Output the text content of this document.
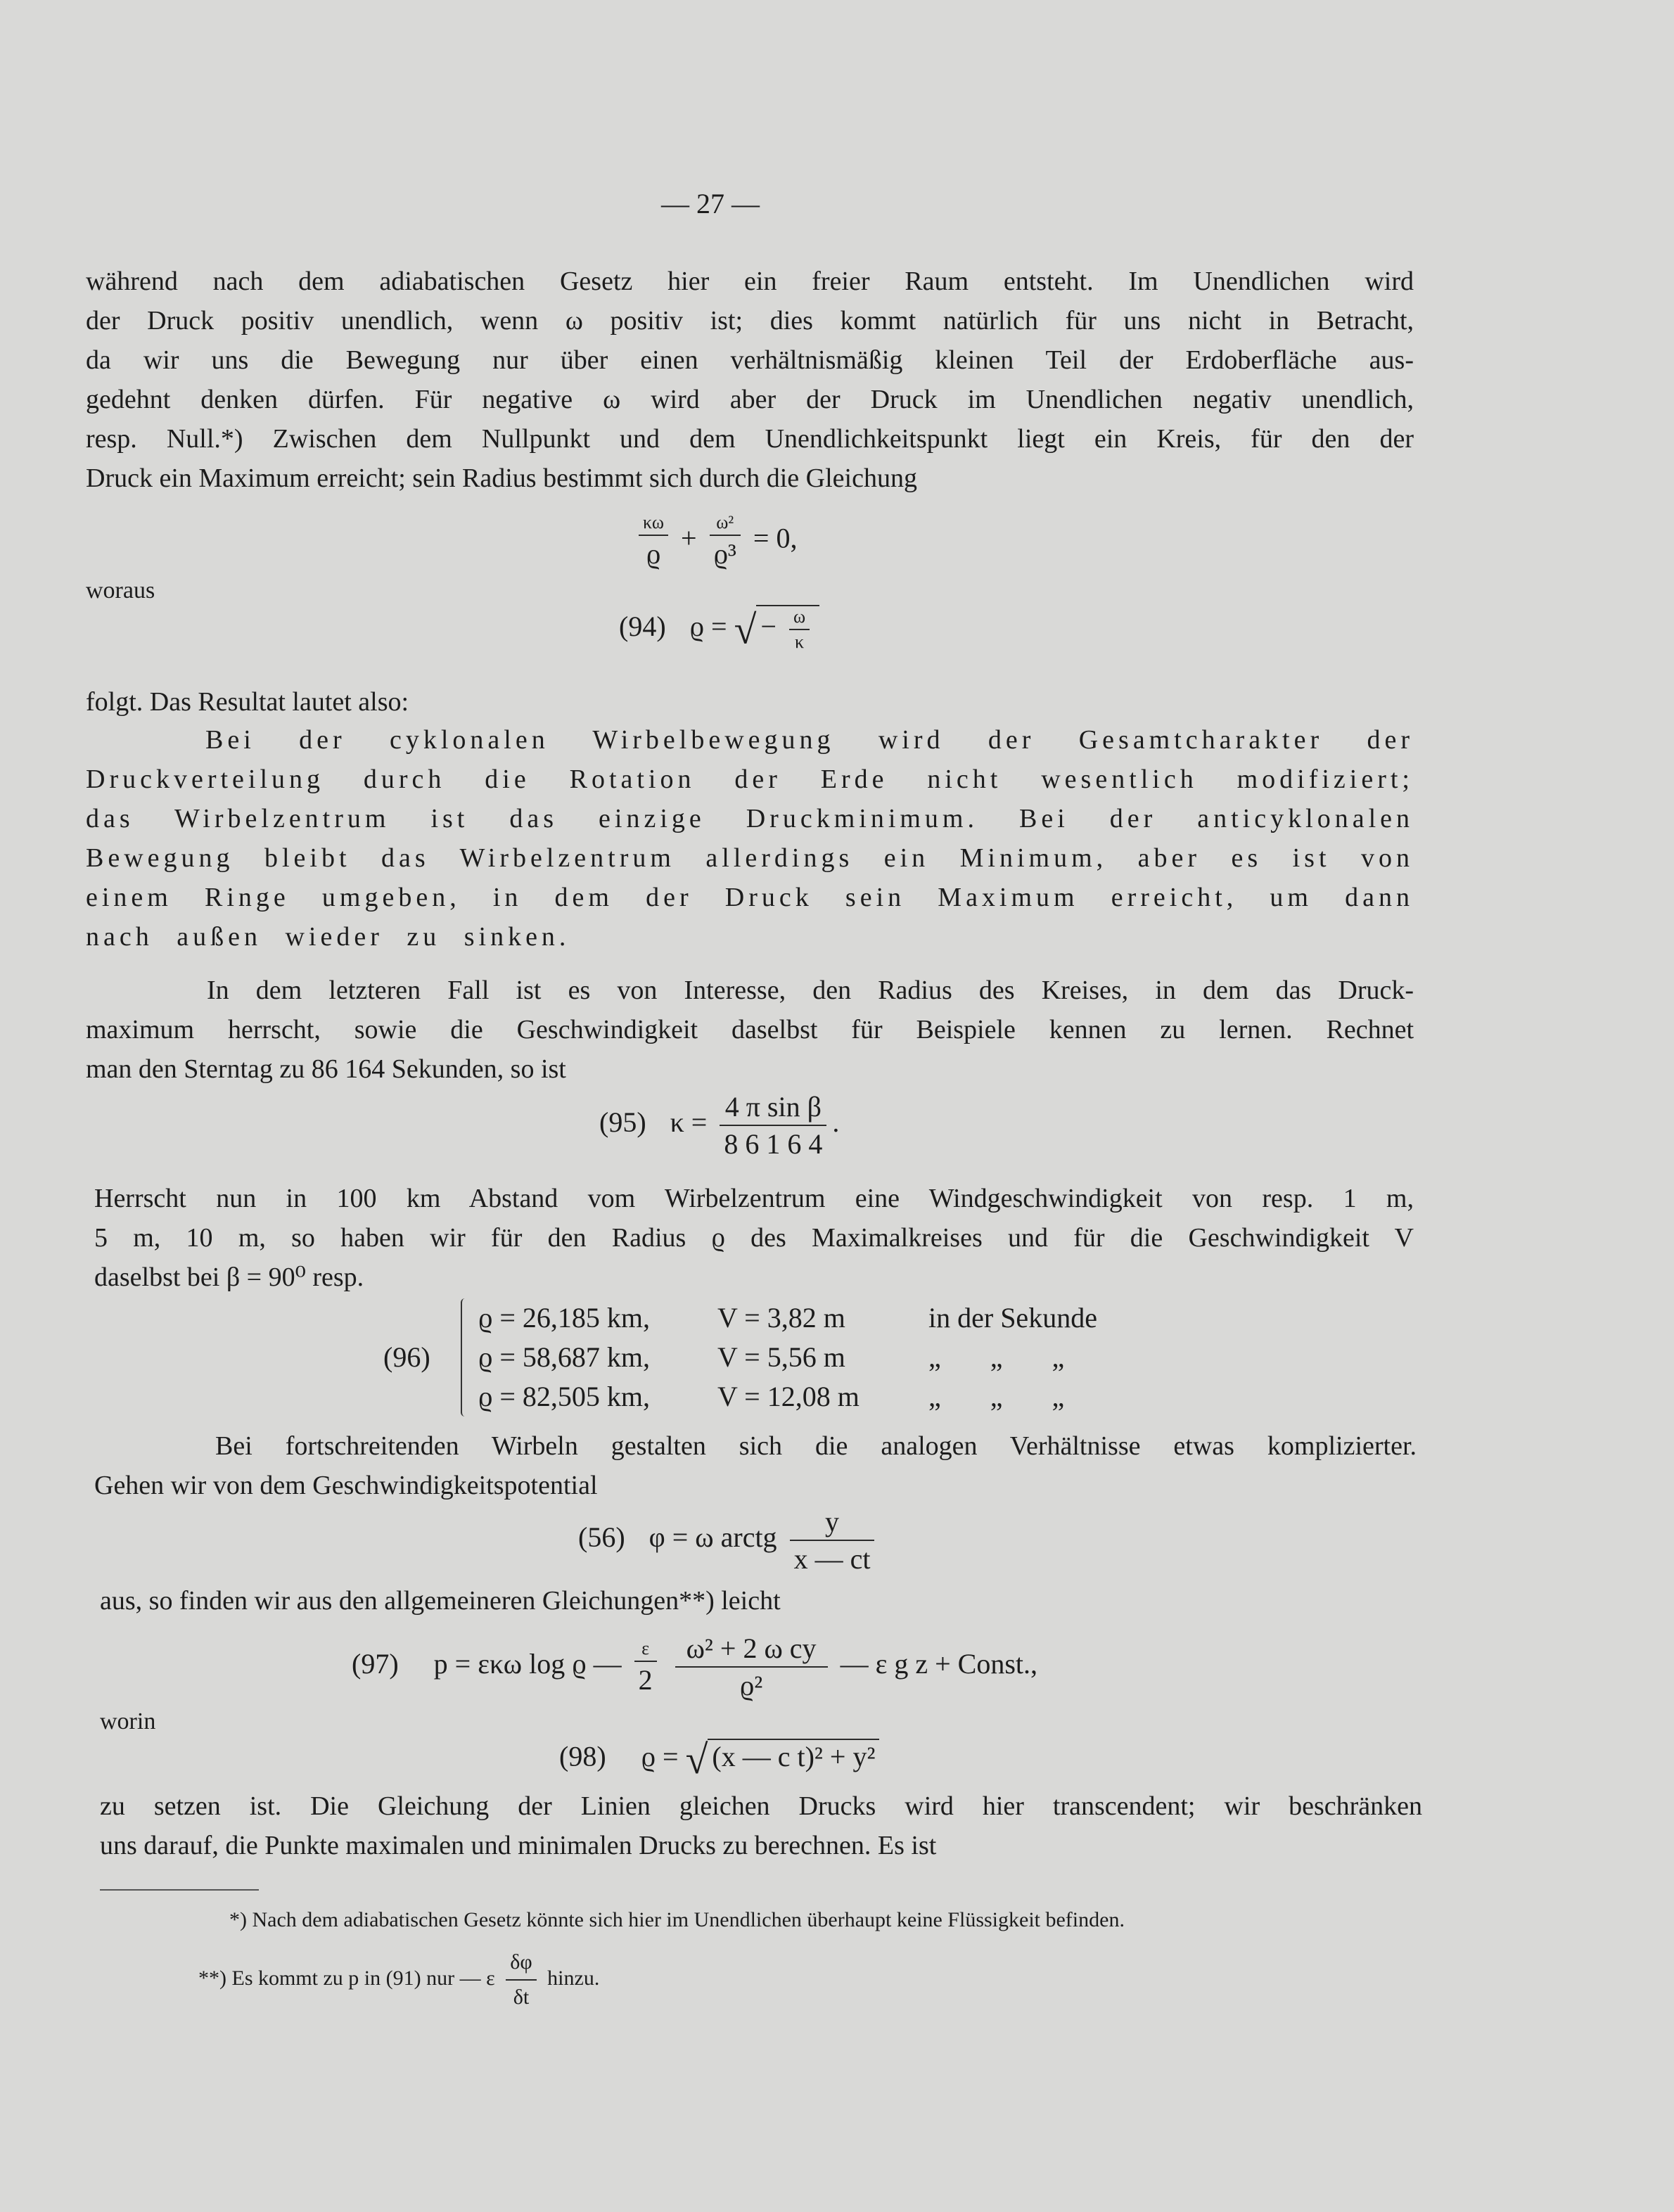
— 27 —
während nach dem adiabatischen Gesetz hier ein freier Raum entsteht. Im Unendlichen wird
der Druck positiv unendlich, wenn ω positiv ist; dies kommt natürlich für uns nicht in Betracht,
da wir uns die Bewegung nur über einen verhältnismäßig kleinen Teil der Erdoberfläche aus-
gedehnt denken dürfen. Für negative ω wird aber der Druck im Unendlichen negativ unendlich,
resp. Null.*) Zwischen dem Nullpunkt und dem Unendlichkeitspunkt liegt ein Kreis, für den der
Druck ein Maximum erreicht; sein Radius bestimmt sich durch die Gleichung
$\frac{\kappa\omega}{ϱ} + \frac{\text{ω²}}{\text{ϱ³}} = 0$,
woraus
(94) ϱ = √ − $\frac{\omega}{\kappa}$
folgt. Das Resultat lautet also:
Bei der cyklonalen Wirbelbewegung wird der Gesamtcharakter der
Druckverteilung durch die Rotation der Erde nicht wesentlich modifiziert;
das Wirbelzentrum ist das einzige Druckminimum. Bei der anticyklonalen
Bewegung bleibt das Wirbelzentrum allerdings ein Minimum, aber es ist von
einem Ringe umgeben, in dem der Druck sein Maximum erreicht, um dann
nach außen wieder zu sinken.
In dem letzteren Fall ist es von Interesse, den Radius des Kreises, in dem das Druck-
maximum herrscht, sowie die Geschwindigkeit daselbst für Beispiele kennen zu lernen. Rechnet
man den Sterntag zu 86 164 Sekunden, so ist
(95) $\kappa = \frac{\text{4 π sin β}}{8 6 1 6 4}$ .
Herrscht nun in 100 km Abstand vom Wirbelzentrum eine Windgeschwindigkeit von resp. 1 m,
5 m, 10 m, so haben wir für den Radius ϱ des Maximalkreises und für die Geschwindigkeit V
daselbst bei β = 90⁰ resp.
(96)
ϱ = 26,185 km,	V = 3,82 m	in der Sekunde
ϱ = 58,687 km,	V = 5,56 m	„ „ „
ϱ = 82,505 km,	V = 12,08 m	„ „ „
Bei fortschreitenden Wirbeln gestalten sich die analogen Verhältnisse etwas komplizierter.
Gehen wir von dem Geschwindigkeitspotential
(56) φ = ω arctg $\frac{y}{x — ct}$
aus, so finden wir aus den allgemeineren Gleichungen**) leicht
(97) p = εκω log ϱ — $\frac{\varepsilon}{2}$
$\frac{\text{ω² + 2 ω cy}}{\text{ϱ²}}$ — ε g z + Const.,
worin
(98) ϱ = √ (x — c t)² + y²
zu setzen ist. Die Gleichung der Linien gleichen Drucks wird hier transcendent; wir beschränken
uns darauf, die Punkte maximalen und minimalen Drucks zu berechnen. Es ist
*) Nach dem adiabatischen Gesetz könnte sich hier im Unendlichen überhaupt keine Flüssigkeit befinden.
**) Es kommt zu p in (91) nur — ε $\frac{\delta\varphi}{\delta t}$ hinzu.
